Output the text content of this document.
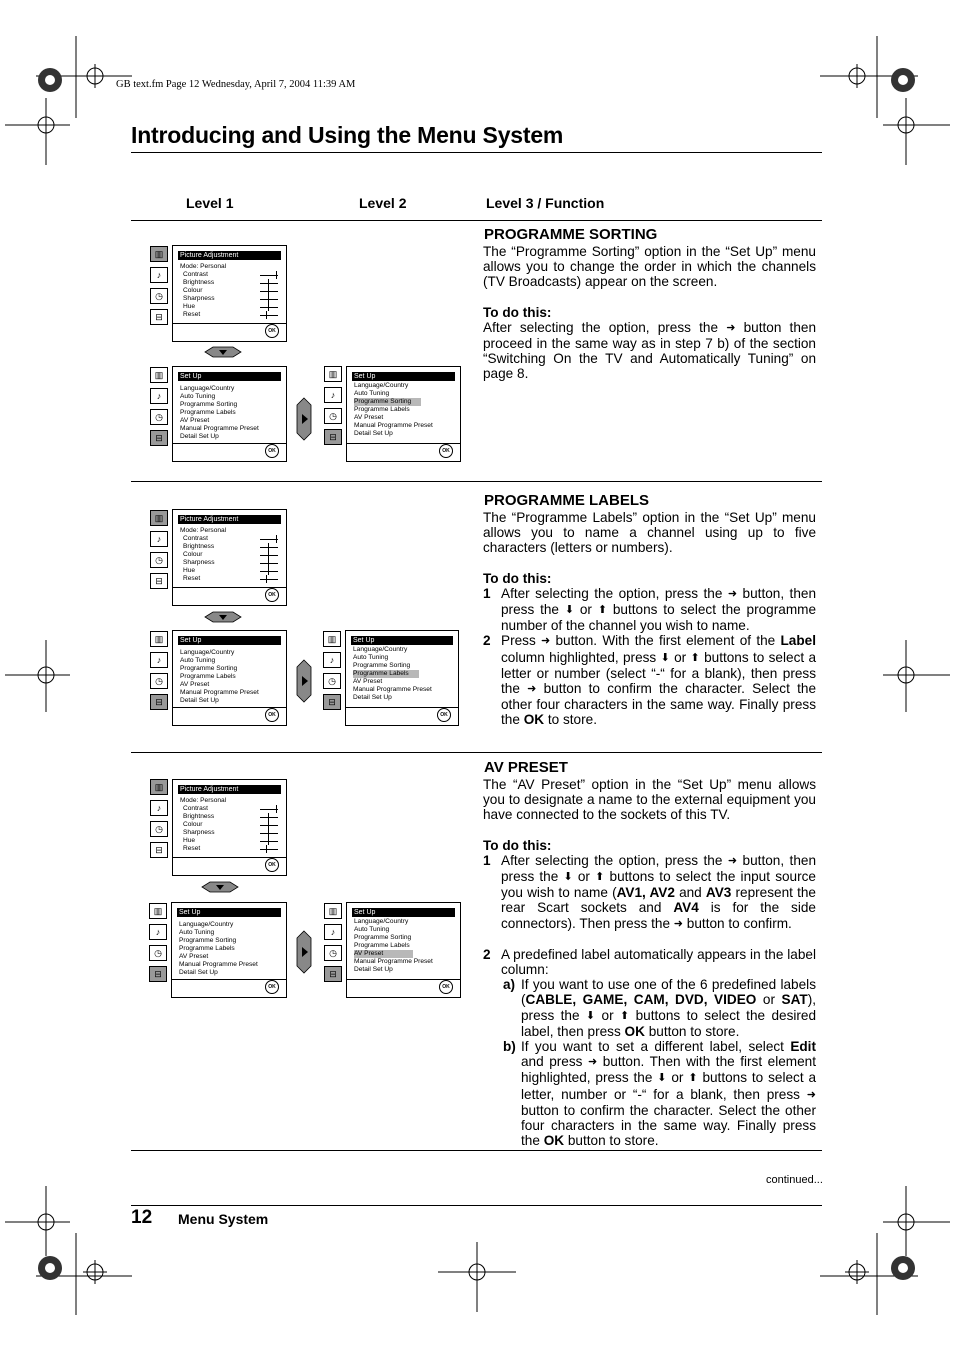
GB text.fm Page 12 Wednesday, April 7, 2004 11:39 AM
Introducing and Using the Menu System
Level 1	Level 2	Level 3 / Function
▥
♪
◷
⊟
Picture Adjustment
Mode: Personal
Contrast
Brightness
Colour
Sharpness
Hue
Reset
OK
▥
♪
◷
⊟
Set Up
Language/Country
Auto Tuning
Programme Sorting
Programme Labels
AV Preset
Manual Programme Preset
Detail Set Up
OK
▥
♪
◷
⊟
Set Up
Language/Country
Auto Tuning
Programme Sorting
Programme Labels
AV Preset
Manual Programme Preset
Detail Set Up
OK
PROGRAMME SORTING

The “Programme Sorting” option in the “Set Up” menu allows you to change the order in which the channels (TV Broadcasts) appear on the screen.

To do this:

After selecting the option, press the ➜ button then proceed in the same way as in step 7 b) of the section “Switching On the TV and Automatically Tuning” on page 8.

▥
♪
◷
⊟
Picture Adjustment
Mode: Personal
Contrast
Brightness
Colour
Sharpness
Hue
Reset
OK
▥
♪
◷
⊟
Set Up
Language/Country
Auto Tuning
Programme Sorting
Programme Labels
AV Preset
Manual Programme Preset
Detail Set Up
OK
▥
♪
◷
⊟
Set Up
Language/Country
Auto Tuning
Programme Sorting
Programme Labels
AV Preset
Manual Programme Preset
Detail Set Up
OK
PROGRAMME LABELS

The “Programme Labels” option in the “Set Up” menu allows you to name a channel using up to five characters (letters or numbers).

To do this:

1 After selecting the option, press the ➜ button, then press the ⬇ or ⬆ buttons to select the programme number of the channel you wish to name.
2 Press ➜ button. With the first element of the Label column highlighted, press ⬇ or ⬆ buttons to select a letter or number (select “-“ for a blank), then press the ➜ button to confirm the character. Select the other four characters in the same way. Finally press the OK to store.
▥
♪
◷
⊟
Picture Adjustment
Mode: Personal
Contrast
Brightness
Colour
Sharpness
Hue
Reset
OK
▥
♪
◷
⊟
Set Up
Language/Country
Auto Tuning
Programme Sorting
Programme Labels
AV Preset
Manual Programme Preset
Detail Set Up
OK
▥
♪
◷
⊟
Set Up
Language/Country
Auto Tuning
Programme Sorting
Programme Labels
AV Preset
Manual Programme Preset
Detail Set Up
OK
AV PRESET

The “AV Preset” option in the “Set Up” menu allows you to designate a name to the external equipment you have connected to the sockets of this TV.

To do this:

1 After selecting the option, press the ➜ button, then press the ⬇ or ⬆ buttons to select the input source you wish to name (AV1, AV2 and AV3 represent the rear Scart sockets and AV4 is for the side connectors). Then press the ➜ button to confirm.
2 A predefined label automatically appears in the label column:
a) If you want to use one of the 6 predefined labels (CABLE, GAME, CAM, DVD, VIDEO or SAT), press the ⬇ or ⬆ buttons to select the desired label, then press OK button to store.
b) If you want to set a different label, select Edit and press ➜ button. Then with the first element highlighted, press the ⬇ or ⬆ buttons to select a letter, number or “-“ for a blank, then press ➜ button to confirm the character. Select the other four characters in the same way. Finally press the OK button to store.
continued...
12 Menu System
